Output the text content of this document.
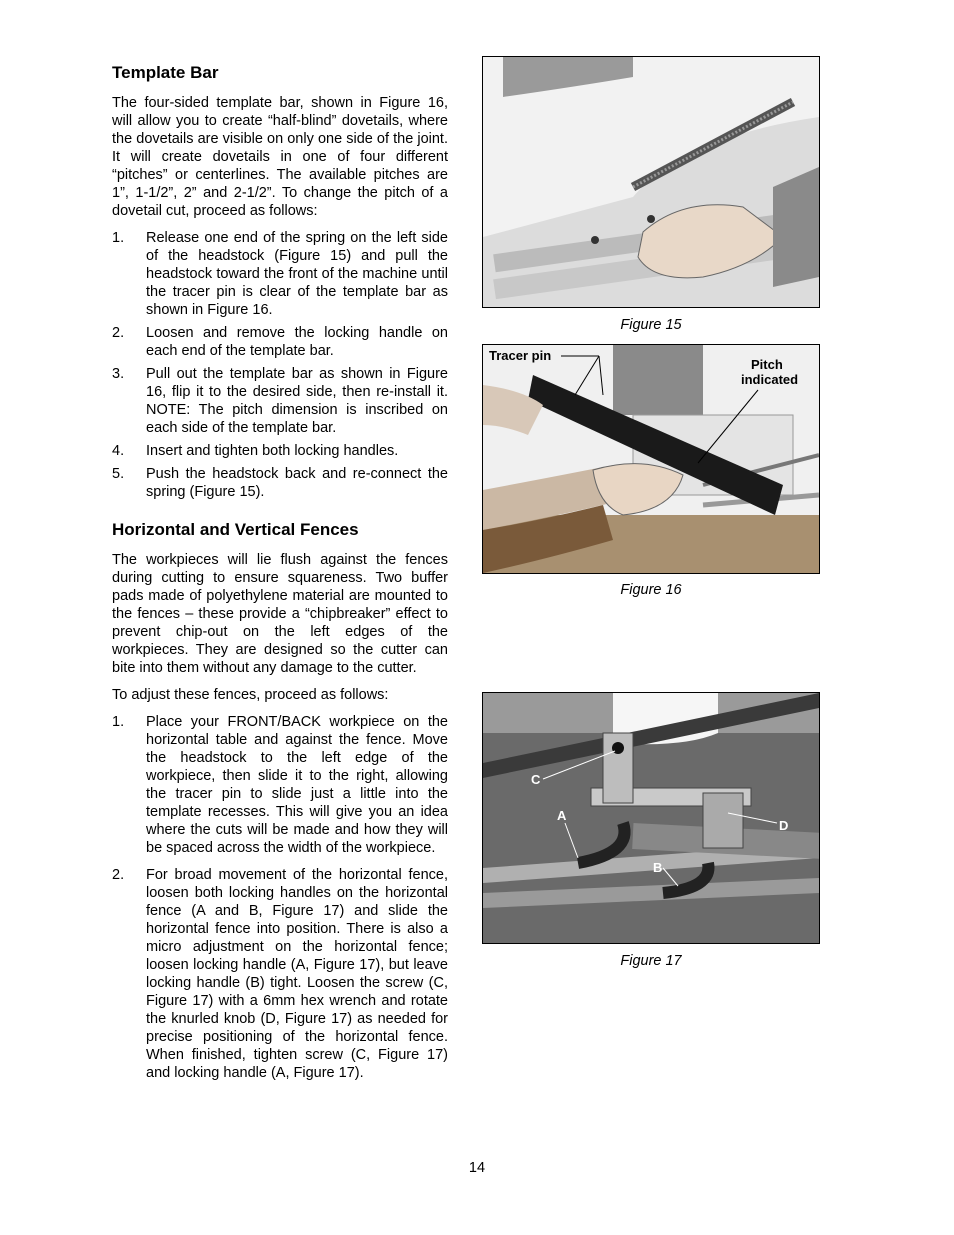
Template Bar

The four-sided template bar, shown in Figure 16, will allow you to create “half-blind” dovetails, where the dovetails are visible on only one side of the joint. It will create dovetails in one of four different “pitches” or centerlines. The available pitches are 1”, 1-1/2”, 2” and 2-1/2”. To change the pitch of a dovetail cut, proceed as follows:

1. Release one end of the spring on the left side of the headstock (Figure 15) and pull the headstock toward the front of the machine until the tracer pin is clear of the template bar as shown in Figure 16.
2. Loosen and remove the locking handle on each end of the template bar.
3. Pull out the template bar as shown in Figure 16, flip it to the desired side, then re-install it. NOTE: The pitch dimension is inscribed on each side of the template bar.
4. Insert and tighten both locking handles.
5. Push the headstock back and re-connect the spring (Figure 15).
Horizontal and Vertical Fences

The workpieces will lie flush against the fences during cutting to ensure squareness. Two buffer pads made of polyethylene material are mounted to the fences – these provide a “chipbreaker” effect to prevent chip-out on the left edges of the workpieces. They are designed so the cutter can bite into them without any damage to the cutter.

To adjust these fences, proceed as follows:

1. Place your FRONT/BACK workpiece on the horizontal table and against the fence. Move the headstock to the left edge of the workpiece, then slide it to the right, allowing the tracer pin to slide just a little into the template recesses. This will give you an idea where the cuts will be made and how they will be spaced across the width of the workpiece.
2. For broad movement of the horizontal fence, loosen both locking handles on the horizontal fence (A and B, Figure 17) and slide the horizontal fence into position. There is also a micro adjustment on the horizontal fence; loosen locking handle (A, Figure 17), but leave locking handle (B) tight. Loosen the screw (C, Figure 17) with a 6mm hex wrench and rotate the knurled knob (D, Figure 17) as needed for precise positioning of the horizontal fence. When finished, tighten screw (C, Figure 17) and locking handle (A, Figure 17).
Figure 15
Tracer pin
Pitch
indicated
Figure 16
C
A
D
B
Figure 17
14
